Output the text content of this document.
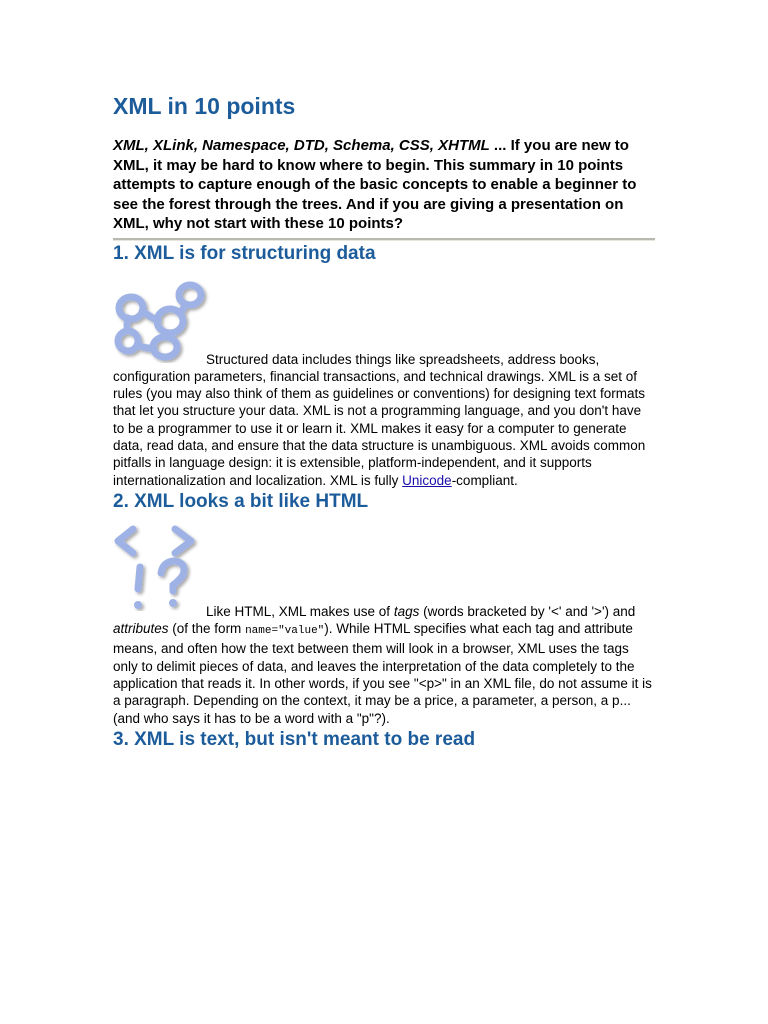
XML in 10 points

XML, XLink, Namespace, DTD, Schema, CSS, XHTML ... If you are new to XML, it may be hard to know where to begin. This summary in 10 points attempts to capture enough of the basic concepts to enable a beginner to see the forest through the trees. And if you are giving a presentation on XML, why not start with these 10 points?

1. XML is for structuring data

Structured data includes things like spreadsheets, address books, configuration parameters, financial transactions, and technical drawings. XML is a set of rules (you may also think of them as guidelines or conventions) for designing text formats that let you structure your data. XML is not a programming language, and you don't have to be a programmer to use it or learn it. XML makes it easy for a computer to generate data, read data, and ensure that the data structure is unambiguous. XML avoids common pitfalls in language design: it is extensible, platform-independent, and it supports internationalization and localization. XML is fully Unicode-compliant.

2. XML looks a bit like HTML

Like HTML, XML makes use of tags (words bracketed by '<' and '>') and attributes (of the form name="value"). While HTML specifies what each tag and attribute means, and often how the text between them will look in a browser, XML uses the tags only to delimit pieces of data, and leaves the interpretation of the data completely to the application that reads it. In other words, if you see "<p>" in an XML file, do not assume it is a paragraph. Depending on the context, it may be a price, a parameter, a person, a p... (and who says it has to be a word with a "p"?).

3. XML is text, but isn't meant to be read
